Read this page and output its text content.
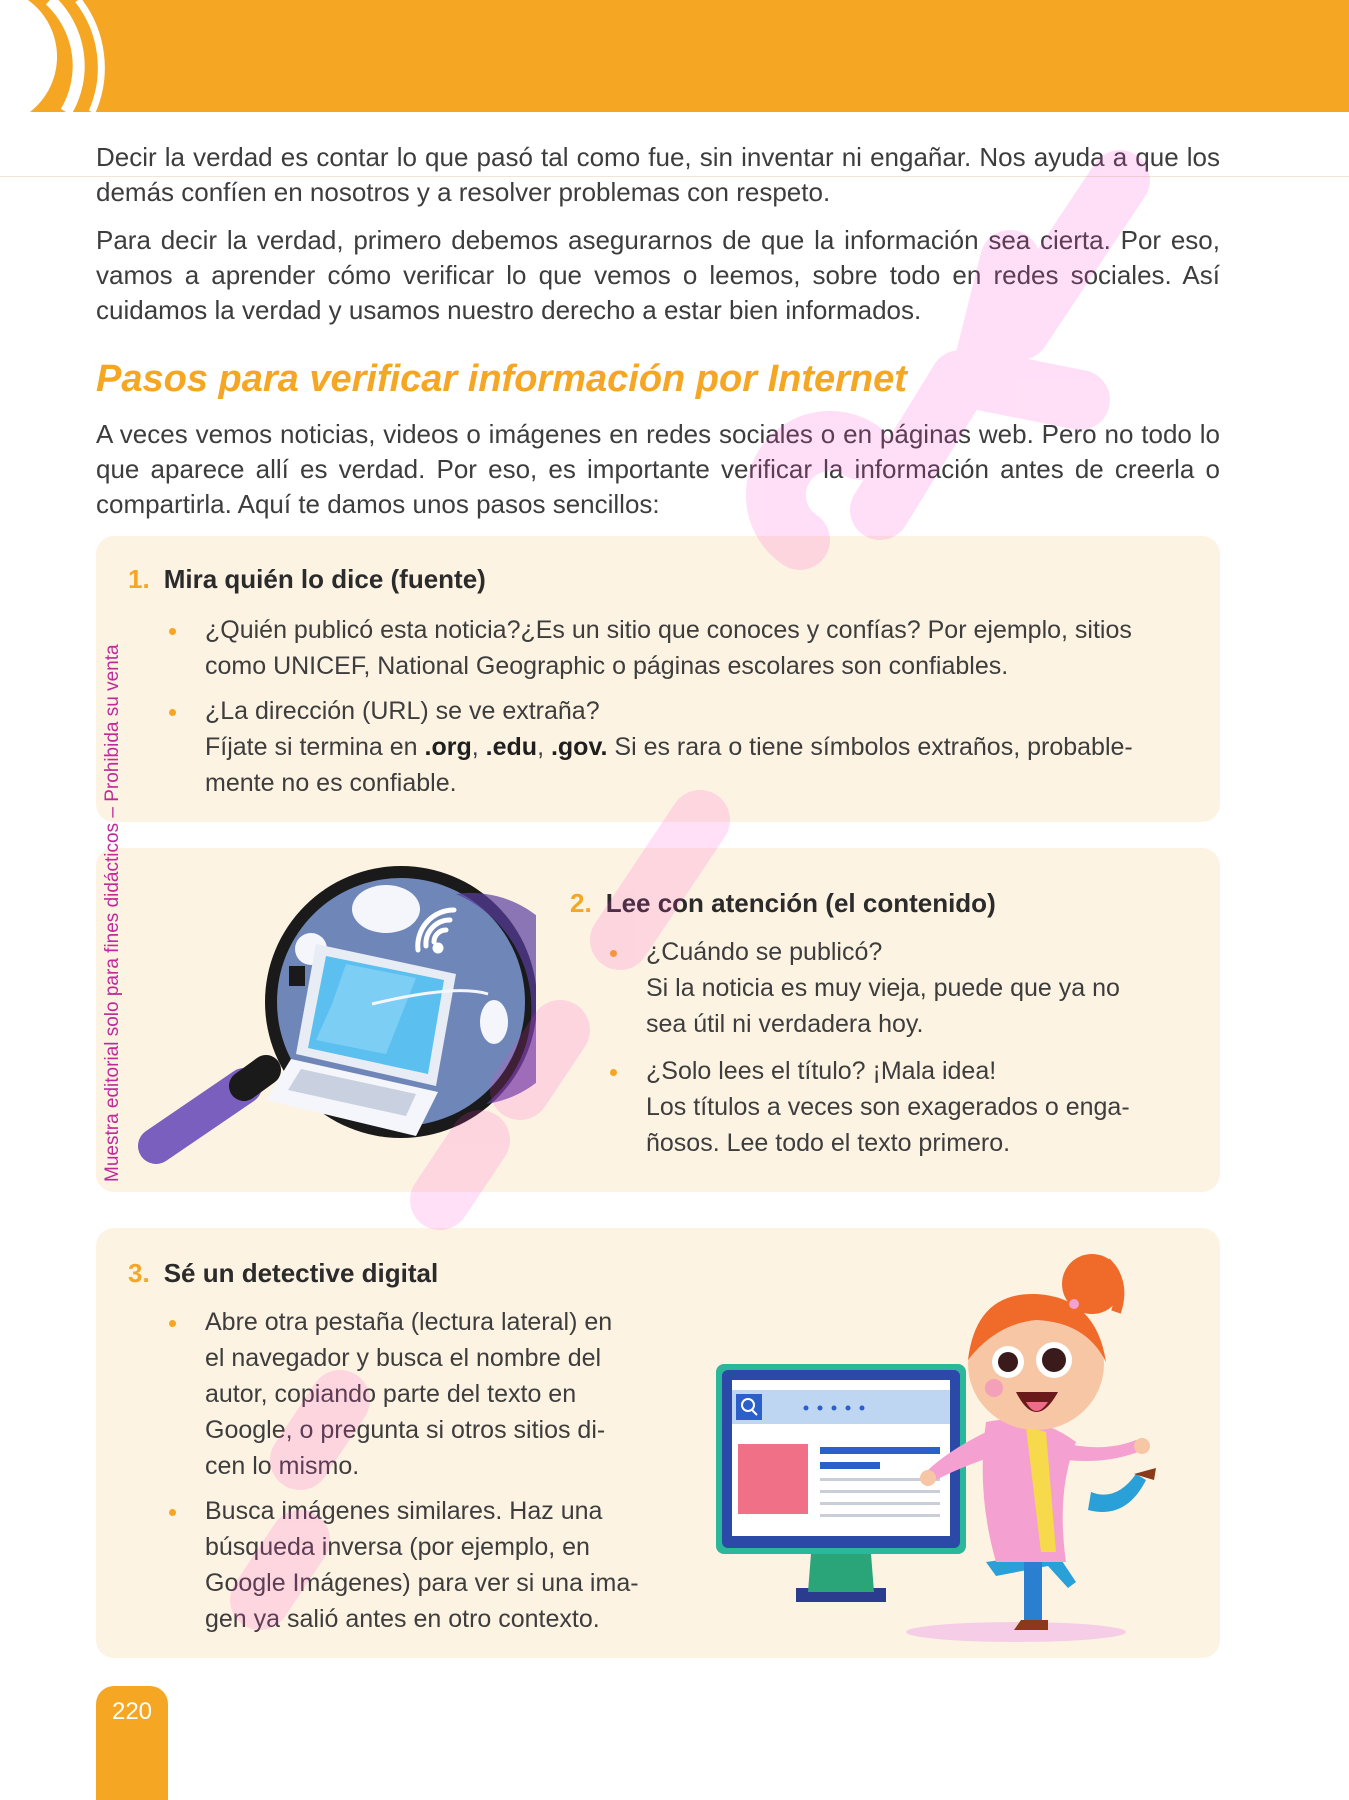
Decir la verdad es contar lo que pasó tal como fue, sin inventar ni engañar. Nos ayuda a que los demás confíen en nosotros y a resolver problemas con respeto.

Para decir la verdad, primero debemos asegurarnos de que la información sea cierta. Por eso, vamos a aprender cómo verificar lo que vemos o leemos, sobre todo en redes sociales. Así cuidamos la verdad y usamos nuestro derecho a estar bien informados.

Pasos para verificar información por Internet

A veces vemos noticias, videos o imágenes en redes sociales o en páginas web. Pero no todo lo que aparece allí es verdad. Por eso, es importante verificar la información antes de creerla o compartirla. Aquí te damos unos pasos sencillos:

1. Mira quién lo dice (fuente)
¿Quién publicó esta noticia?¿Es un sitio que conoces y confías? Por ejemplo, sitios
como UNICEF, National Geographic o páginas escolares son confiables.
¿La dirección (URL) se ve extraña?
Fíjate si termina en .org, .edu, .gov. Si es rara o tiene símbolos extraños, probable-
mente no es confiable.
2. Lee con atención (el contenido)
¿Cuándo se publicó?
Si la noticia es muy vieja, puede que ya no
sea útil ni verdadera hoy.
¿Solo lees el título? ¡Mala idea!
Los títulos a veces son exagerados o enga-
ñosos. Lee todo el texto primero.
3. Sé un detective digital
Abre otra pestaña (lectura lateral) en
el navegador y busca el nombre del
autor, copiando parte del texto en
Google, o pregunta si otros sitios di-
cen lo mismo.
Busca imágenes similares. Haz una
búsqueda inversa (por ejemplo, en
Google Imágenes) para ver si una ima-
gen ya salió antes en otro contexto.
Muestra editorial solo para fines didácticos – Prohibida su venta
220
